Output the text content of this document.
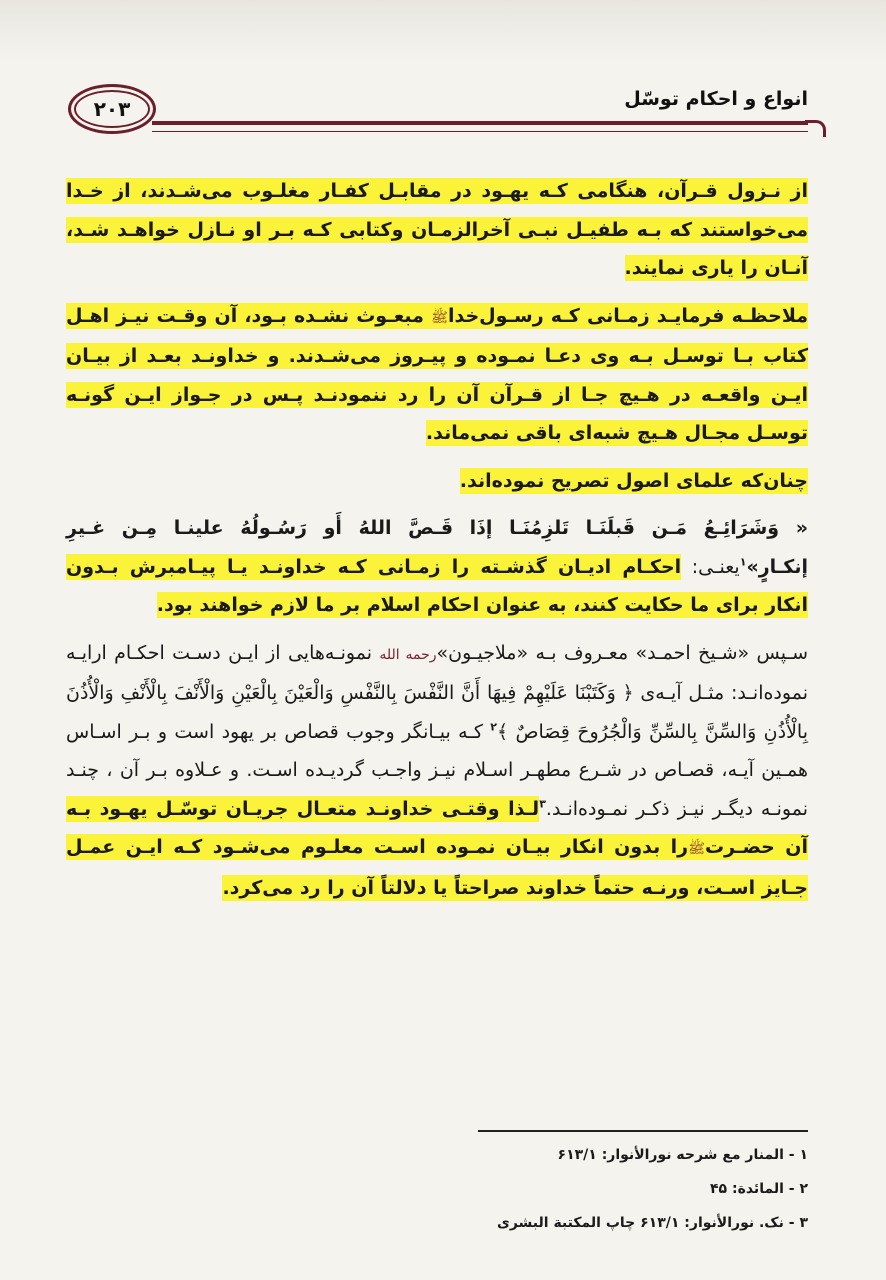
۲۰۳	انواع و احکام توسّل

از نـزول قـرآن، هنگامی کـه یهـود در مقابـل کفـار مغلـوب می‌شـدند، از خـدا می‌خواستند که بـه طفیـل نبـی آخرالزمـان وکتابی کـه بـر او نـازل خواهـد شـد، آنـان را یاری نمایند.

ملاحظـه فرمایـد زمـانی کـه رسـول‌خداﷺ مبعـوث نشـده بـود، آن وقـت نیـز اهـل کتاب بـا توسـل بـه وی دعـا نمـوده و پیـروز می‌شـدند. و خداونـد بعـد از بیـان ایـن واقعـه در هـیچ جـا از قـرآن آن را رد ننمودنـد پـس در جـواز ایـن گونـه توسـل مجـال هـیچ شبه‌ای باقی نمی‌ماند.

چنان‌که علمای اصول تصریح نموده‌اند.

« وَشَرَائِـعُ مَـن قَبلَنَـا تَلزِمُنَـا إذَا قَـصَّ اللهُ أَو رَسُـولُهُ علينـا مِـن غـيرِ إنكـارٍ»$^۱$یعنـی: احکـام ادیـان گذشـته را زمـانی کـه خداونـد یـا پیـامبرش بـدون انکار برای ما حکایت کنند، به عنوان احکام اسلام بر ما لازم خواهند بود.

سـپس «شـیخ احمـد» معـروف بـه «ملاجیـون»رحمه الله نمونـه‌هایی از ایـن دسـت احکـام ارایـه نموده‌انـد: مثـل آیـه‌ی ﴿ وَكَتَبْنَا عَلَيْهِمْ فِيهَا أَنَّ النَّفْسَ بِالنَّفْسِ وَالْعَيْنَ بِالْعَيْنِ وَالْأَنْفَ بِالْأَنْفِ وَالْأُذُنَ بِالْأُذُنِ وَالسِّنَّ بِالسِّنِّ وَالْجُرُوحَ قِصَاصٌ ﴾$^۲$ کـه بیـانگر وجوب قصاص بر یهود است و بـر اسـاس همـین آیـه، قصـاص در شـرع مطهـر اسـلام نیـز واجـب گردیـده اسـت. و عـلاوه بـر آن ، چنـد نمونـه دیگـر نیـز ذکـر نمـوده‌انـد.$^۳$لـذا وقتـی خداونـد متعـال جریـان توسّـل یهـود بـه آن حضـرتﷺرا بدون انکار بیـان نمـوده اسـت معلـوم می‌شـود کـه ایـن عمـل جـایز اسـت، ورنـه حتماً خداوند صراحتاً یا دلالتاً آن را رد می‌کرد.

۱ - المنار مع شرحه نورالأنوار: ۶۱۳/۱
۲ - المائدة: ۴۵
۳ - نک. نورالأنوار: ۶۱۳/۱ چاپ المکتبة البشری
